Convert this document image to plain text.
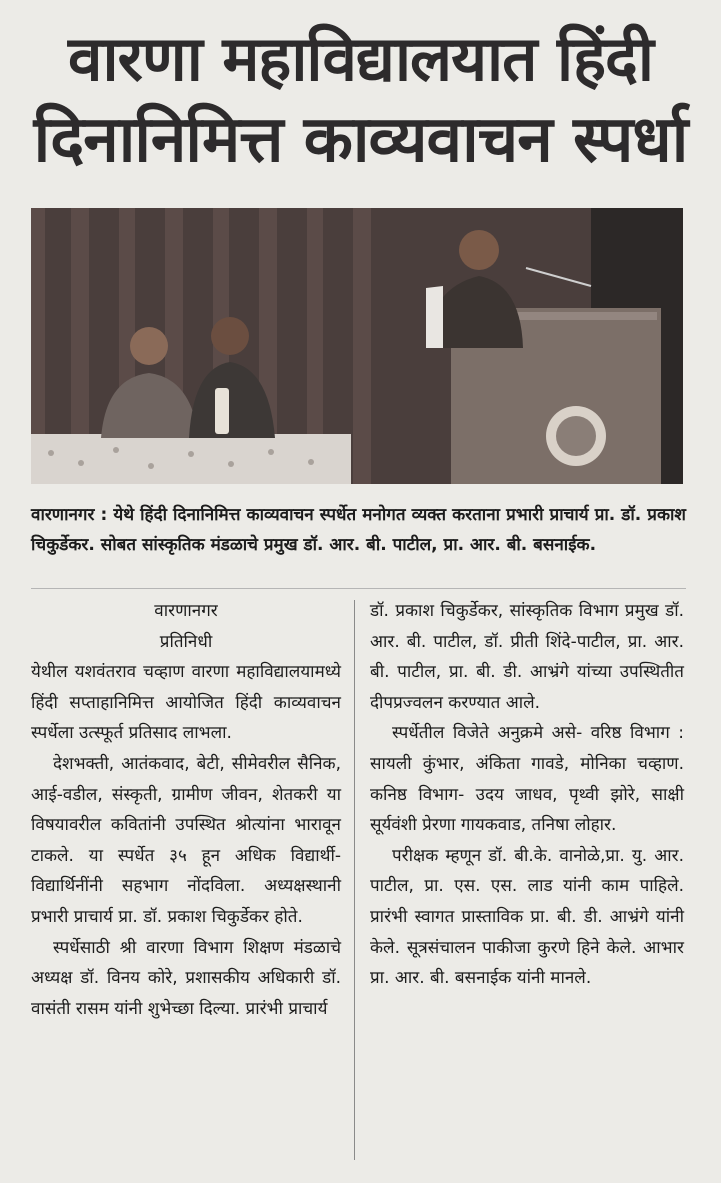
वारणा महाविद्यालयात हिंदी
दिनानिमित्त काव्यवाचन स्पर्धा

वारणानगर : येथे हिंदी दिनानिमित्त काव्यवाचन स्पर्धेत मनोगत व्यक्त करताना प्रभारी प्राचार्य प्रा. डॉ. प्रकाश चिकुर्डेकर. सोबत सांस्कृतिक मंडळाचे प्रमुख डॉ. आर. बी. पाटील, प्रा. आर. बी. बसनाईक.

वारणानगर

प्रतिनिधी

येथील यशवंतराव चव्हाण वारणा महाविद्यालयामध्ये हिंदी सप्ताहानिमित्त आयोजित हिंदी काव्यवाचन स्पर्धेला उत्स्फूर्त प्रतिसाद लाभला.

देशभक्ती, आतंकवाद, बेटी, सीमेवरील सैनिक, आई-वडील, संस्कृती, ग्रामीण जीवन, शेतकरी या विषयावरील कवितांनी उपस्थित श्रोत्यांना भारावून टाकले. या स्पर्धेत ३५ हून अधिक विद्यार्थी-विद्यार्थिनींनी सहभाग नोंदविला. अध्यक्षस्थानी प्रभारी प्राचार्य प्रा. डॉ. प्रकाश चिकुर्डेकर होते.

स्पर्धेसाठी श्री वारणा विभाग शिक्षण मंडळाचे अध्यक्ष डॉ. विनय कोरे, प्रशासकीय अधिकारी डॉ. वासंती रासम यांनी शुभेच्छा दिल्या. प्रारंभी प्राचार्य

डॉ. प्रकाश चिकुर्डेकर, सांस्कृतिक विभाग प्रमुख डॉ. आर. बी. पाटील, डॉ. प्रीती शिंदे-पाटील, प्रा. आर. बी. पाटील, प्रा. बी. डी. आभ्रंगे यांच्या उपस्थितीत दीपप्रज्वलन करण्यात आले.

स्पर्धेतील विजेते अनुक्रमे असे- वरिष्ठ विभाग : सायली कुंभार, अंकिता गावडे, मोनिका चव्हाण. कनिष्ठ विभाग- उदय जाधव, पृथ्वी झोरे, साक्षी सूर्यवंशी प्रेरणा गायकवाड, तनिषा लोहार.

परीक्षक म्हणून डॉ. बी.के. वानोळे,प्रा. यु. आर. पाटील, प्रा. एस. एस. लाड यांनी काम पाहिले. प्रारंभी स्वागत प्रास्ताविक प्रा. बी. डी. आभ्रंगे यांनी केले. सूत्रसंचालन पाकीजा कुरणे हिने केले. आभार प्रा. आर. बी. बसनाईक यांनी मानले.
